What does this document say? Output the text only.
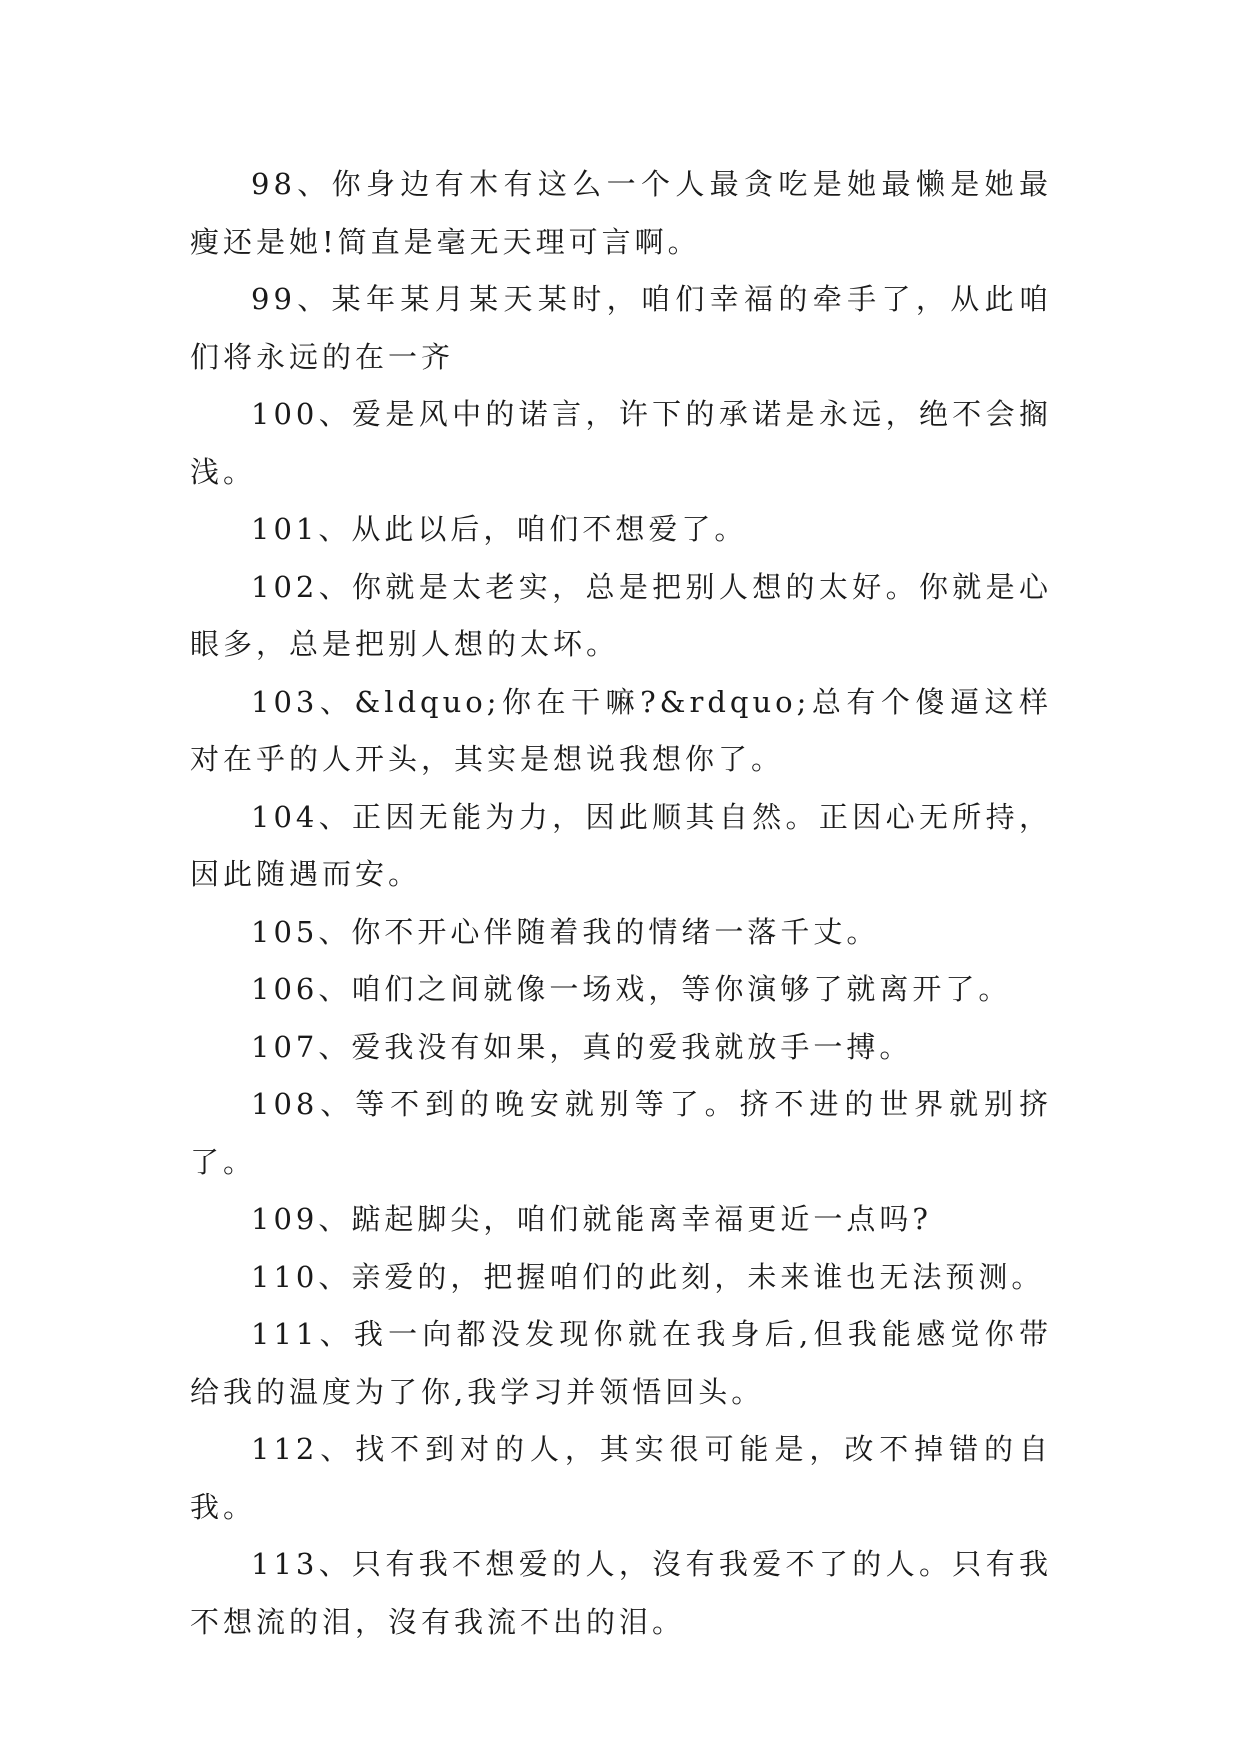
98、你身边有木有这么一个人最贪吃是她最懒是她最瘦还是她!简直是毫无天理可言啊。

99、某年某月某天某时，咱们幸福的牵手了，从此咱们将永远的在一齐

100、爱是风中的诺言，许下的承诺是永远，绝不会搁浅。

101、从此以后，咱们不想爱了。

102、你就是太老实，总是把别人想的太好。你就是心眼多，总是把别人想的太坏。

103、&ldquo;你在干嘛?&rdquo;总有个傻逼这样对在乎的人开头，其实是想说我想你了。

104、正因无能为力，因此顺其自然。正因心无所持，因此随遇而安。

105、你不开心伴随着我的情绪一落千丈。

106、咱们之间就像一场戏，等你演够了就离开了。

107、爱我没有如果，真的爱我就放手一搏。

108、等不到的晚安就别等了。挤不进的世界就别挤了。

109、踮起脚尖，咱们就能离幸福更近一点吗?

110、亲爱的，把握咱们的此刻，未来谁也无法预测。

111、我一向都没发现你就在我身后,但我能感觉你带给我的温度为了你,我学习并领悟回头。

112、找不到对的人，其实很可能是，改不掉错的自我。

113、只有我不想爱的人，沒有我爱不了的人。只有我不想流的泪，沒有我流不出的泪。
